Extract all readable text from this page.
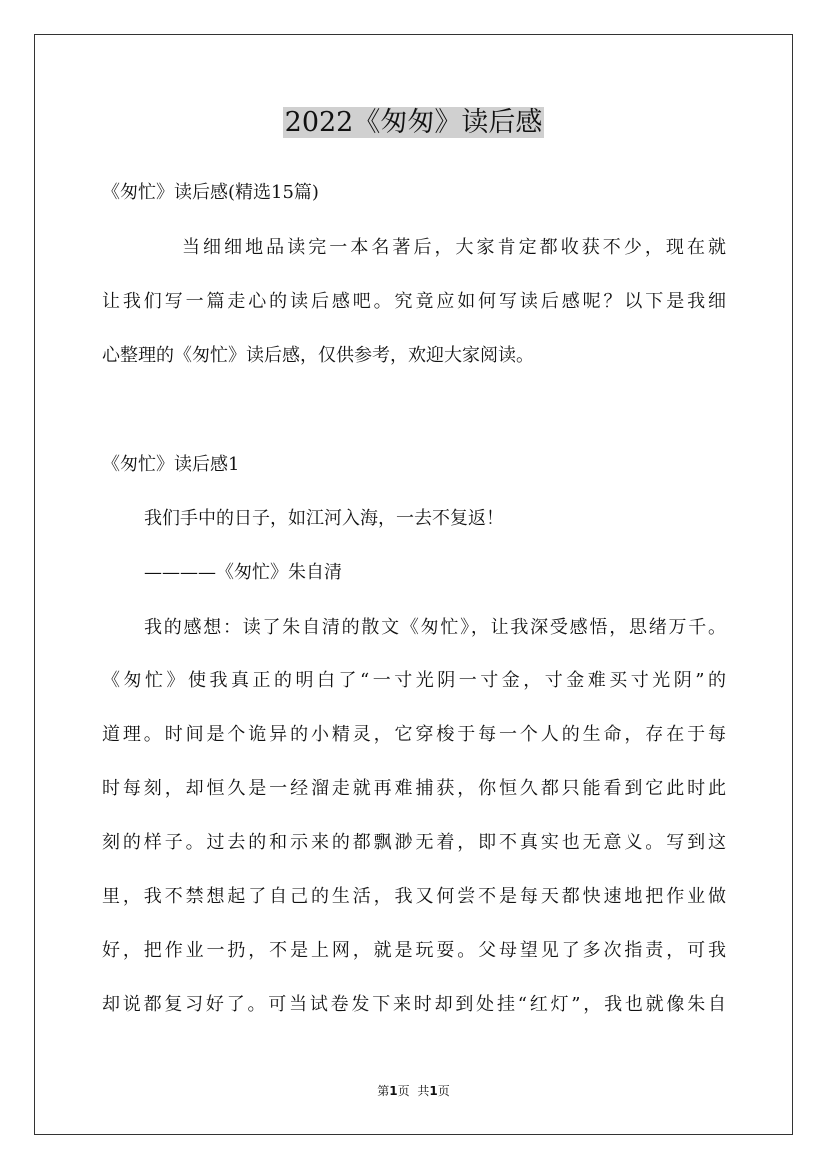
2022《匆匆》读后感
《匆忙》读后感(精选15篇)
当细细地品读完一本名著后，大家肯定都收获不少，现在就
让我们写一篇走心的读后感吧。究竟应如何写读后感呢？以下是我细
心整理的《匆忙》读后感，仅供参考，欢迎大家阅读。
《匆忙》读后感1
我们手中的日子，如江河入海，一去不复返！
————《匆忙》朱自清
我的感想：读了朱自清的散文《匆忙》，让我深受感悟，思绪万千。
《匆忙》使我真正的明白了“一寸光阴一寸金，寸金难买寸光阴”的
道理。时间是个诡异的小精灵，它穿梭于每一个人的生命，存在于每
时每刻，却恒久是一经溜走就再难捕获，你恒久都只能看到它此时此
刻的样子。过去的和示来的都飘渺无着，即不真实也无意义。写到这
里，我不禁想起了自己的生活，我又何尝不是每天都快速地把作业做
好，把作业一扔，不是上网，就是玩耍。父母望见了多次指责，可我
却说都复习好了。可当试卷发下来时却到处挂“红灯”，我也就像朱自
第1页 共1页
